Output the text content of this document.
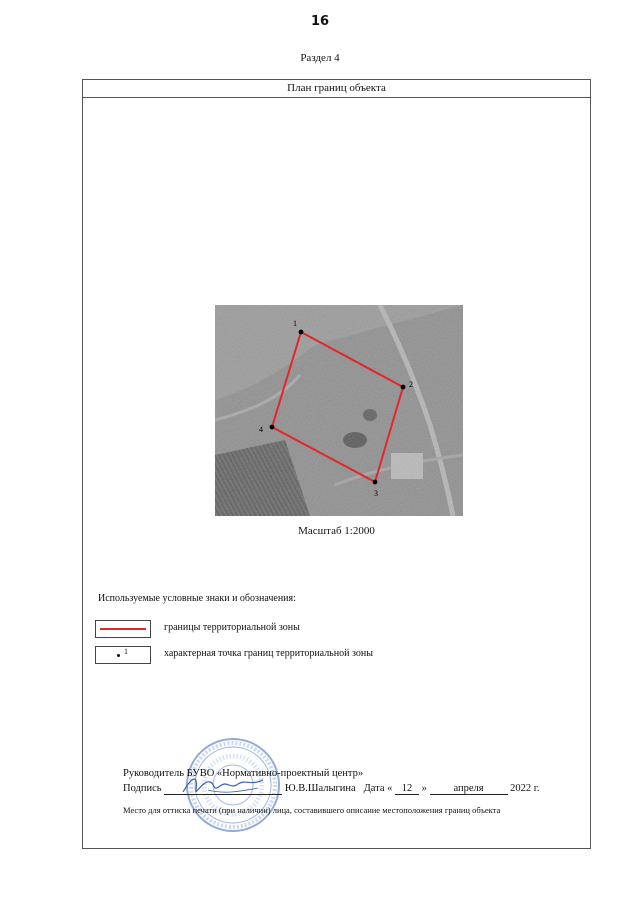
16
Раздел 4
План границ объекта
1
2
3
4
Масштаб 1:2000
Используемые условные знаки и обозначения:
границы территориальной зоны
1	характерная точка границ территориальной зоны
Руководитель БУВО «Нормативно-проектный центр»
Подпись	Ю.В.Шалыгина Дата « 12 »	апреля	2022 г.
Место для оттиска печати (при наличии) лица, составившего описание местоположения границ объекта
